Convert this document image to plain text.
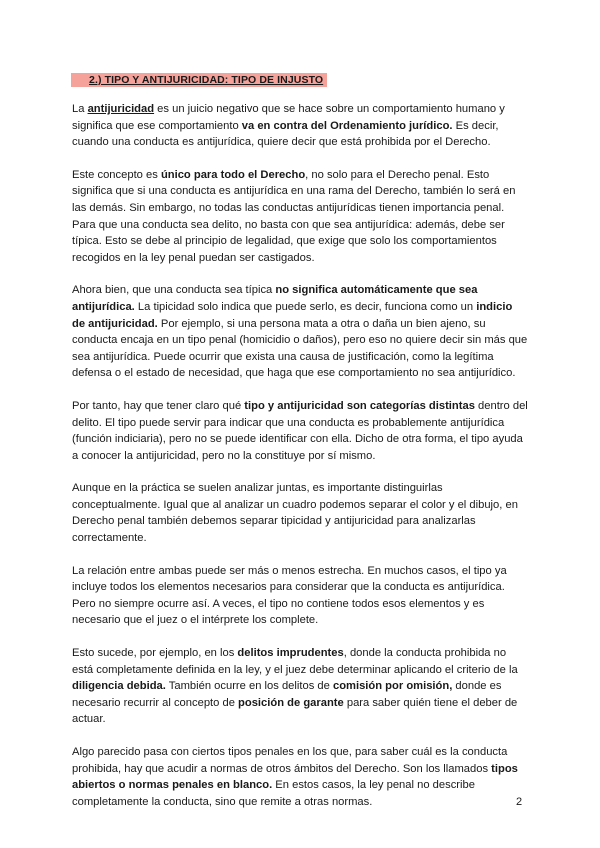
2.) TIPO Y ANTIJURICIDAD: TIPO DE INJUSTO

La antijuricidad es un juicio negativo que se hace sobre un comportamiento humano y significa que ese comportamiento va en contra del Ordenamiento jurídico. Es decir, cuando una conducta es antijurídica, quiere decir que está prohibida por el Derecho.

Este concepto es único para todo el Derecho, no solo para el Derecho penal. Esto significa que si una conducta es antijurídica en una rama del Derecho, también lo será en las demás. Sin embargo, no todas las conductas antijurídicas tienen importancia penal. Para que una conducta sea delito, no basta con que sea antijurídica: además, debe ser típica. Esto se debe al principio de legalidad, que exige que solo los comportamientos recogidos en la ley penal puedan ser castigados.

Ahora bien, que una conducta sea típica no significa automáticamente que sea antijurídica. La tipicidad solo indica que puede serlo, es decir, funciona como un indicio de antijuricidad. Por ejemplo, si una persona mata a otra o daña un bien ajeno, su conducta encaja en un tipo penal (homicidio o daños), pero eso no quiere decir sin más que sea antijurídica. Puede ocurrir que exista una causa de justificación, como la legítima defensa o el estado de necesidad, que haga que ese comportamiento no sea antijurídico.

Por tanto, hay que tener claro qué tipo y antijuricidad son categorías distintas dentro del delito. El tipo puede servir para indicar que una conducta es probablemente antijurídica (función indiciaria), pero no se puede identificar con ella. Dicho de otra forma, el tipo ayuda a conocer la antijuricidad, pero no la constituye por sí mismo.

Aunque en la práctica se suelen analizar juntas, es importante distinguirlas conceptualmente. Igual que al analizar un cuadro podemos separar el color y el dibujo, en Derecho penal también debemos separar tipicidad y antijuricidad para analizarlas correctamente.

La relación entre ambas puede ser más o menos estrecha. En muchos casos, el tipo ya incluye todos los elementos necesarios para considerar que la conducta es antijurídica. Pero no siempre ocurre así. A veces, el tipo no contiene todos esos elementos y es necesario que el juez o el intérprete los complete.

Esto sucede, por ejemplo, en los delitos imprudentes, donde la conducta prohibida no está completamente definida en la ley, y el juez debe determinar aplicando el criterio de la diligencia debida. También ocurre en los delitos de comisión por omisión, donde es necesario recurrir al concepto de posición de garante para saber quién tiene el deber de actuar.

Algo parecido pasa con ciertos tipos penales en los que, para saber cuál es la conducta prohibida, hay que acudir a normas de otros ámbitos del Derecho. Son los llamados tipos abiertos o normas penales en blanco. En estos casos, la ley penal no describe completamente la conducta, sino que remite a otras normas.	2
